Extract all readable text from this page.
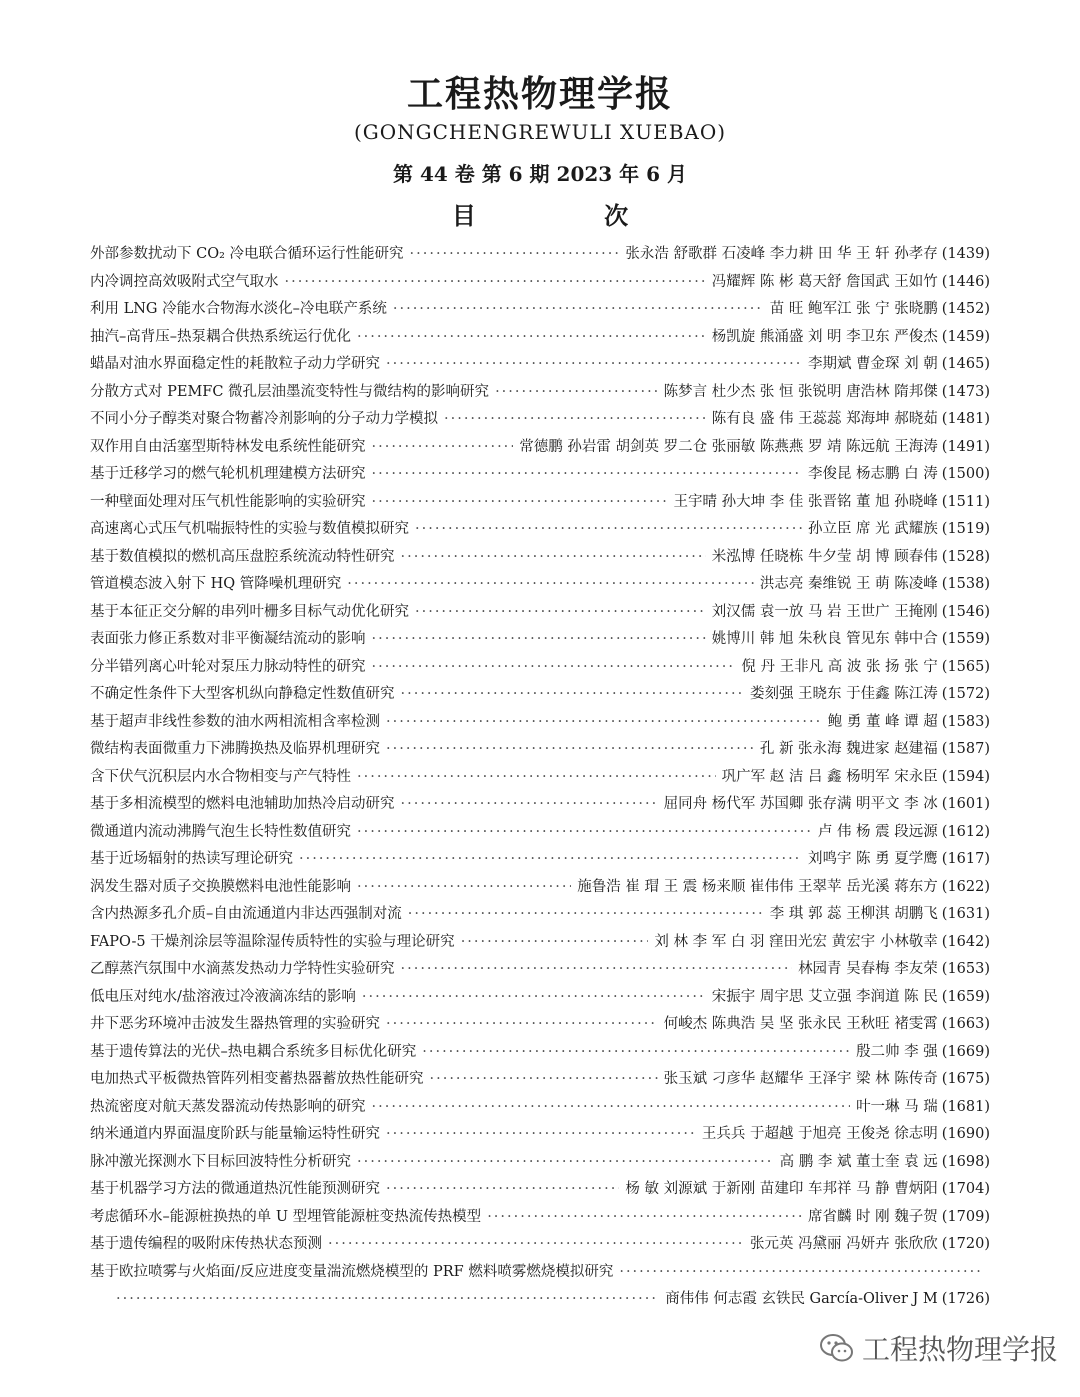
工程热物理学报
(GONGCHENGREWULI XUEBAO)
第 44 卷 第 6 期 2023 年 6 月
目 次
外部参数扰动下 CO₂ 冷电联合循环运行性能研究 ·····	张永浩 舒歌群 石凌峰 李力耕 田 华 王 轩 孙孝存 (1439)
内冷调控高效吸附式空气取水 ·····	冯耀辉 陈 彬 葛天舒 詹国武 王如竹 (1446)
利用 LNG 冷能水合物海水淡化–冷电联产系统 ·····	苗 旺 鲍军江 张 宁 张晓鹏 (1452)
抽汽–高背压–热泵耦合供热系统运行优化 ·····	杨凯旋 熊涌盛 刘 明 李卫东 严俊杰 (1459)
蜡晶对油水界面稳定性的耗散粒子动力学研究 ·····	李期斌 曹金琛 刘 朝 (1465)
分散方式对 PEMFC 微孔层油墨流变特性与微结构的影响研究 ·····	陈梦言 杜少杰 张 恒 张锐明 唐浩林 隋邦傑 (1473)
不同小分子醇类对聚合物蓄冷剂影响的分子动力学模拟 ·····	陈有良 盛 伟 王蕊蕊 郑海坤 郝晓茹 (1481)
双作用自由活塞型斯特林发电系统性能研究 ·····	常德鹏 孙岩雷 胡剑英 罗二仓 张丽敏 陈燕燕 罗 靖 陈远航 王海涛 (1491)
基于迁移学习的燃气轮机机理建模方法研究 ·····	李俊昆 杨志鹏 白 涛 (1500)
一种壁面处理对压气机性能影响的实验研究 ·····	王宇晴 孙大坤 李 佳 张晋铭 董 旭 孙晓峰 (1511)
高速离心式压气机喘振特性的实验与数值模拟研究 ·····	孙立臣 席 光 武耀族 (1519)
基于数值模拟的燃机高压盘腔系统流动特性研究 ·····	米泓博 任晓栋 牛夕莹 胡 博 顾春伟 (1528)
管道模态波入射下 HQ 管降噪机理研究 ·····	洪志亮 秦维锐 王 萌 陈凌峰 (1538)
基于本征正交分解的串列叶栅多目标气动优化研究 ·····	刘汉儒 袁一放 马 岩 王世广 王掩刚 (1546)
表面张力修正系数对非平衡凝结流动的影响 ·····	姚博川 韩 旭 朱秋良 管见东 韩中合 (1559)
分半错列离心叶轮对泵压力脉动特性的研究 ·····	倪 丹 王非凡 高 波 张 扬 张 宁 (1565)
不确定性条件下大型客机纵向静稳定性数值研究 ·····	娄刻强 王晓东 于佳鑫 陈江涛 (1572)
基于超声非线性参数的油水两相流相含率检测 ·····	鲍 勇 董 峰 谭 超 (1583)
微结构表面微重力下沸腾换热及临界机理研究 ·····	孔 新 张永海 魏进家 赵建福 (1587)
含下伏气沉积层内水合物相变与产气特性 ·····	巩广军 赵 洁 吕 鑫 杨明军 宋永臣 (1594)
基于多相流模型的燃料电池辅助加热冷启动研究 ·····	屈同舟 杨代军 苏国卿 张存满 明平文 李 冰 (1601)
微通道内流动沸腾气泡生长特性数值研究 ·····	卢 伟 杨 震 段远源 (1612)
基于近场辐射的热读写理论研究 ·····	刘鸣宇 陈 勇 夏学鹰 (1617)
涡发生器对质子交换膜燃料电池性能影响 ·····	施鲁浩 崔 瑁 王 震 杨来顺 崔伟伟 王翠苹 岳光溪 蒋东方 (1622)
含内热源多孔介质–自由流通道内非达西强制对流 ·····	李 琪 郭 蕊 王柳淇 胡鹏飞 (1631)
FAPO-5 干燥剂涂层等温除湿传质特性的实验与理论研究 ·····	刘 林 李 军 白 羽 窪田光宏 黄宏宇 小林敬幸 (1642)
乙醇蒸汽氛围中水滴蒸发热动力学特性实验研究 ·····	林园青 吴春梅 李友荣 (1653)
低电压对纯水/盐溶液过冷液滴冻结的影响 ·····	宋振宇 周宇思 艾立强 李润道 陈 民 (1659)
井下恶劣环境冲击波发生器热管理的实验研究 ·····	何峻杰 陈典浩 吴 坚 张永民 王秋旺 褚雯霄 (1663)
基于遗传算法的光伏–热电耦合系统多目标优化研究 ·····	殷二帅 李 强 (1669)
电加热式平板微热管阵列相变蓄热器蓄放热性能研究 ·····	张玉斌 刁彦华 赵耀华 王泽宇 梁 林 陈传奇 (1675)
热流密度对航天蒸发器流动传热影响的研究 ·····	叶一琳 马 瑞 (1681)
纳米通道内界面温度阶跃与能量输运特性研究 ·····	王兵兵 于超越 于旭亮 王俊尧 徐志明 (1690)
脉冲激光探测水下目标回波特性分析研究 ·····	高 鹏 李 斌 董士奎 袁 远 (1698)
基于机器学习方法的微通道热沉性能预测研究 ·····	杨 敏 刘源斌 于新刚 苗建印 车邦祥 马 静 曹炳阳 (1704)
考虑循环水–能源桩换热的单 U 型埋管能源桩变热流传热模型 ·····	席省麟 时 刚 魏子贺 (1709)
基于遗传编程的吸附床传热状态预测 ·····	张元英 冯黛丽 冯妍卉 张欣欣 (1720)
基于欧拉喷雾与火焰面/反应进度变量湍流燃烧模型的 PRF 燃料喷雾燃烧模拟研究
·····
·····
商伟伟 何志霞 玄铁民 García-Oliver J M (1726)
工程热物理学报
